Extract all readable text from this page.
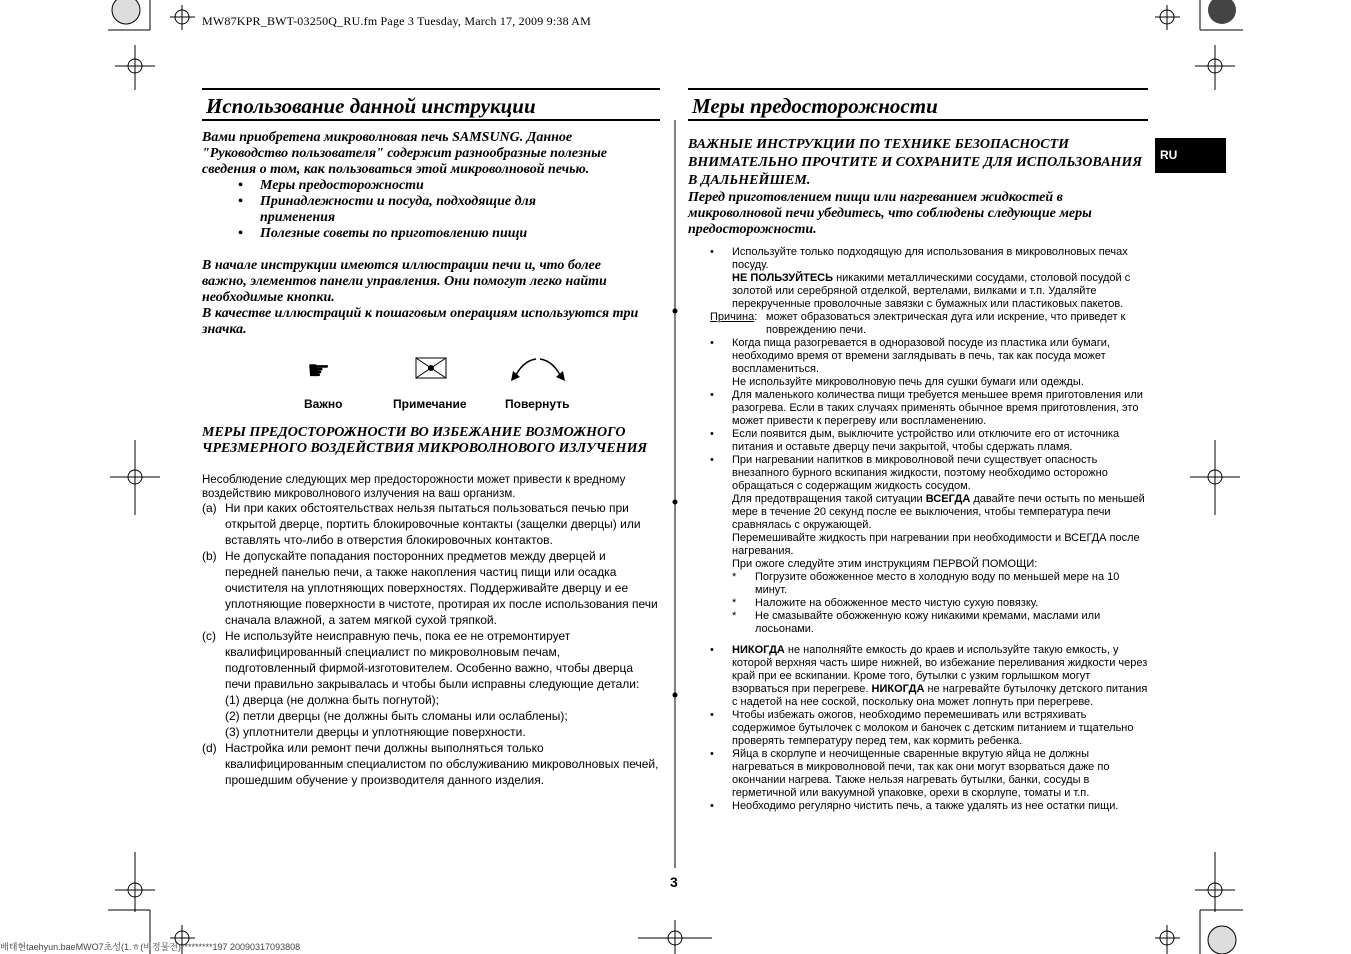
MW87KPR_BWT-03250Q_RU.fm Page 3 Tuesday, March 17, 2009 9:38 AM
배태현taehyun.baeMWO7초성(1.ㅎ(비정물전)*********197 20090317093808
RU
Использование данной инструкции
Вами приобретена микроволновая печь SAMSUNG. Данное "Руководство пользователя" содержит разнообразные полезные сведения о том, как пользоваться этой микроволновой печью.
• Меры предосторожности
• Принадлежности и посуда, подходящие для применения
• Полезные советы по приготовлению пищи
В начале инструкции имеются иллюстрации печи и, что более важно, элементов панели управления. Они помогут легко найти необходимые кнопки.
В качестве иллюстраций к пошаговым операциям используются три значка.
☛
Важно	Примечание	Повернуть
МЕРЫ ПРЕДОСТОРОЖНОСТИ ВО ИЗБЕЖАНИЕ ВОЗМОЖНОГО ЧРЕЗМЕРНОГО ВОЗДЕЙСТВИЯ МИКРОВОЛНОВОГО ИЗЛУЧЕНИЯ
Несоблюдение следующих мер предосторожности может привести к вредному воздействию микроволнового излучения на ваш организм.
(a) Ни при каких обстоятельствах нельзя пытаться пользоваться печью при открытой дверце, портить блокировочные контакты (защелки дверцы) или вставлять что-либо в отверстия блокировочных контактов.
(b) Не допускайте попадания посторонних предметов между дверцей и передней панелью печи, а также накопления частиц пищи или осадка очистителя на уплотняющих поверхностях. Поддерживайте дверцу и ее уплотняющие поверхности в чистоте, протирая их после использования печи сначала влажной, а затем мягкой сухой тряпкой.
(c) Не используйте неисправную печь, пока ее не отремонтирует квалифицированный специалист по микроволновым печам, подготовленный фирмой-изготовителем. Особенно важно, чтобы дверца печи правильно закрывалась и чтобы были исправны следующие детали:
(1) дверца (не должна быть погнутой);
(2) петли дверцы (не должны быть сломаны или ослаблены);
(3) уплотнители дверцы и уплотняющие поверхности.
(d) Настройка или ремонт печи должны выполняться только квалифицированным специалистом по обслуживанию микроволновых печей, прошедшим обучение у производителя данного изделия.
Меры предосторожности
ВАЖНЫЕ ИНСТРУКЦИИ ПО ТЕХНИКЕ БЕЗОПАСНОСТИ ВНИМАТЕЛЬНО ПРОЧТИТЕ И СОХРАНИТЕ ДЛЯ ИСПОЛЬЗОВАНИЯ В ДАЛЬНЕЙШЕМ.
Перед приготовлением пищи или нагреванием жидкостей в микроволновой печи убедитесь, что соблюдены следующие меры предосторожности.
• Используйте только подходящую для использования в микроволновых печах посуду.
НЕ ПОЛЬЗУЙТЕСЬ никакими металлическими сосудами, столовой посудой с золотой или серебряной отделкой, вертелами, вилками и т.п. Удаляйте перекрученные проволочные завязки с бумажных или пластиковых пакетов.
Причина: может образоваться электрическая дуга или искрение, что приведет к повреждению печи.
• Когда пища разогревается в одноразовой посуде из пластика или бумаги, необходимо время от времени заглядывать в печь, так как посуда может воспламениться.
Не используйте микроволновую печь для сушки бумаги или одежды.
• Для маленького количества пищи требуется меньшее время приготовления или разогрева. Если в таких случаях применять обычное время приготовления, это может привести к перегреву или воспламенению.
• Если появится дым, выключите устройство или отключите его от источника питания и оставьте дверцу печи закрытой, чтобы сдержать пламя.
• При нагревании напитков в микроволновой печи существует опасность внезапного бурного вскипания жидкости, поэтому необходимо осторожно обращаться с содержащим жидкость сосудом.
Для предотвращения такой ситуации ВСЕГДА давайте печи остыть по меньшей мере в течение 20 секунд после ее выключения, чтобы температура печи сравнялась с окружающей.
Перемешивайте жидкость при нагревании при необходимости и ВСЕГДА после нагревания.
При ожоге следуйте этим инструкциям ПЕРВОЙ ПОМОЩИ:
* Погрузите обожженное место в холодную воду по меньшей мере на 10 минут.
* Наложите на обожженное место чистую сухую повязку.
* Не смазывайте обожженную кожу никакими кремами, маслами или лосьонами.
• НИКОГДА не наполняйте емкость до краев и используйте такую емкость, у которой верхняя часть шире нижней, во избежание переливания жидкости через край при ее вскипании. Кроме того, бутылки с узким горлышком могут взорваться при перегреве. НИКОГДА не нагревайте бутылочку детского питания с надетой на нее соской, поскольку она может лопнуть при перегреве.
• Чтобы избежать ожогов, необходимо перемешивать или встряхивать содержимое бутылочек с молоком и баночек с детским питанием и тщательно проверять температуру перед тем, как кормить ребенка.
• Яйца в скорлупе и неочищенные сваренные вкрутую яйца не должны нагреваться в микроволновой печи, так как они могут взорваться даже по окончании нагрева. Также нельзя нагревать бутылки, банки, сосуды в герметичной или вакуумной упаковке, орехи в скорлупе, томаты и т.п.
• Необходимо регулярно чистить печь, а также удалять из нее остатки пищи.
3
